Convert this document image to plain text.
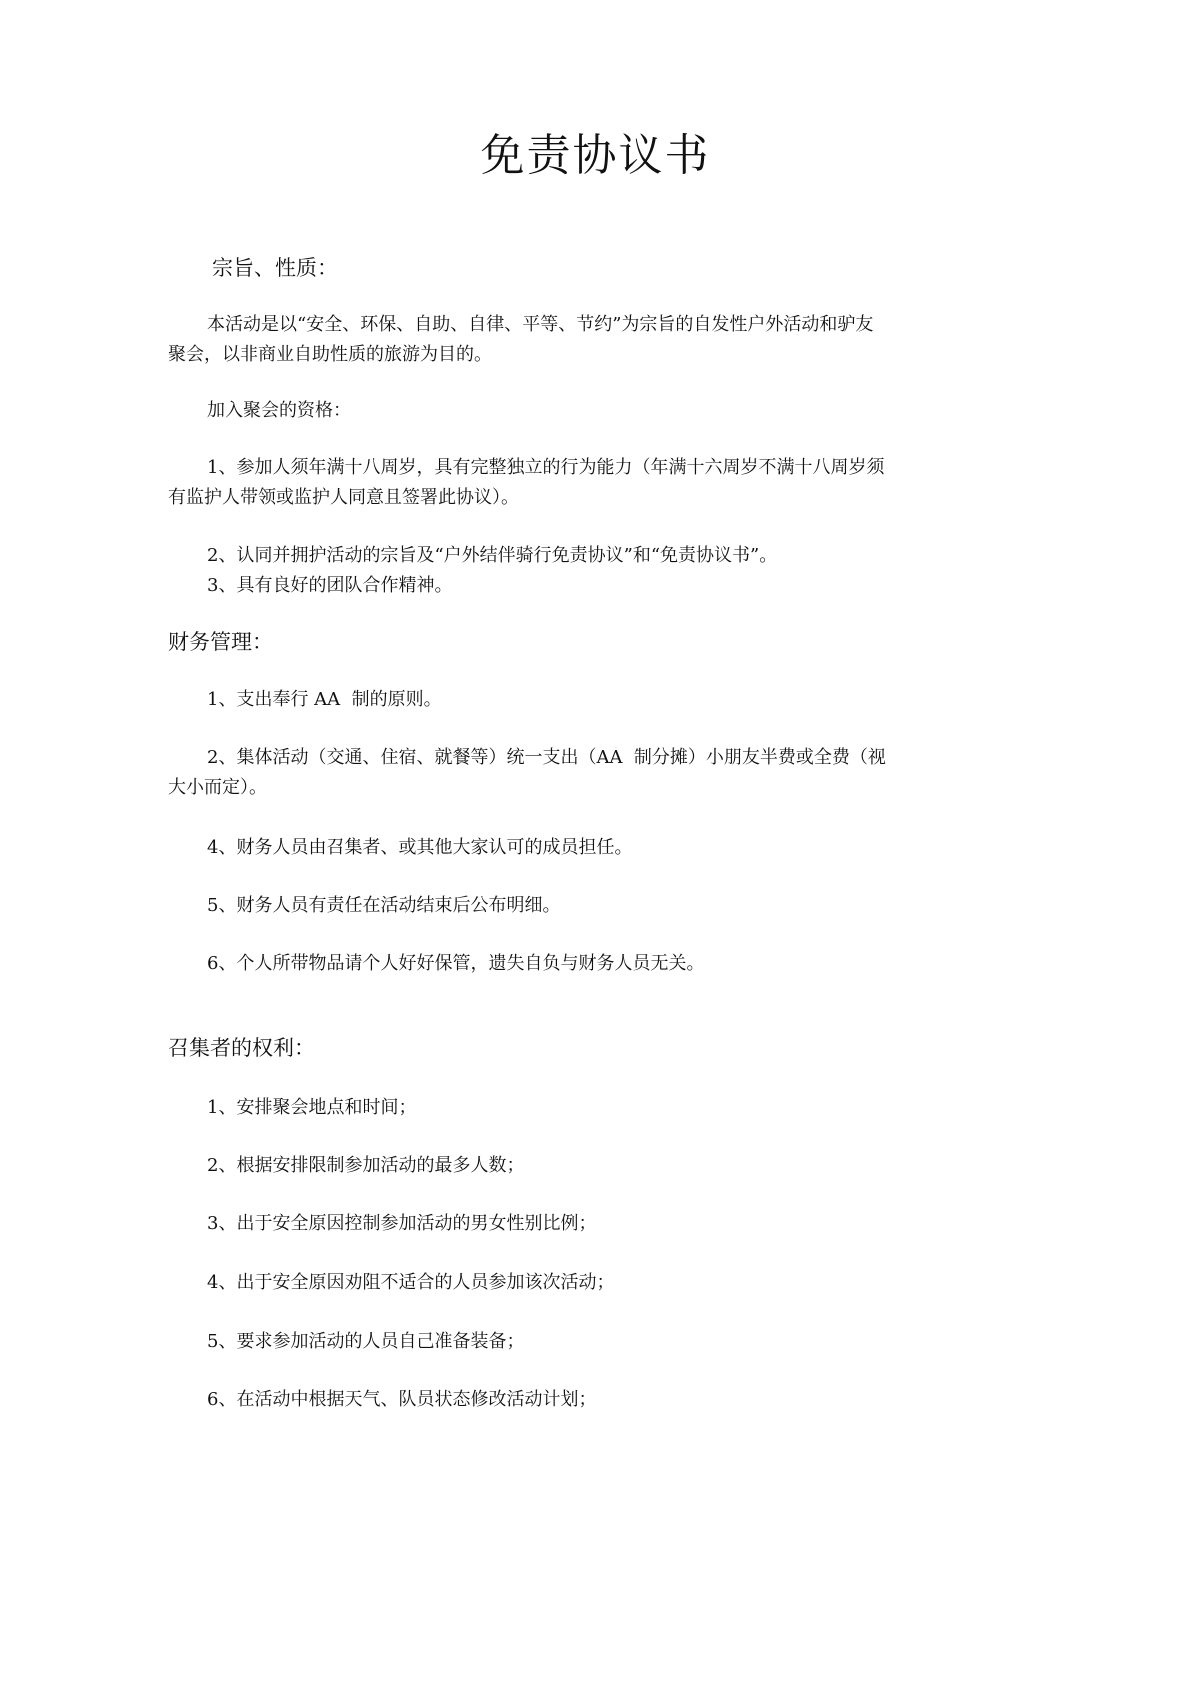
免责协议书
宗旨、性质：
本活动是以“安全、环保、自助、自律、平等、节约”为宗旨的自发性户外活动和驴友
聚会，以非商业自助性质的旅游为目的。
加入聚会的资格：
1、参加人须年满十八周岁，具有完整独立的行为能力（年满十六周岁不满十八周岁须
有监护人带领或监护人同意且签署此协议）。
2、认同并拥护活动的宗旨及“户外结伴骑行免责协议”和“免责协议书”。
3、具有良好的团队合作精神。
财务管理：
1、支出奉行 AA  制的原则。
2、集体活动（交通、住宿、就餐等）统一支出（AA  制分摊）小朋友半费或全费（视
大小而定）。
4、财务人员由召集者、或其他大家认可的成员担任。
5、财务人员有责任在活动结束后公布明细。
6、个人所带物品请个人好好保管，遗失自负与财务人员无关。
召集者的权利：
1、安排聚会地点和时间；
2、根据安排限制参加活动的最多人数；
3、出于安全原因控制参加活动的男女性别比例；
4、出于安全原因劝阻不适合的人员参加该次活动；
5、要求参加活动的人员自己准备装备；
6、在活动中根据天气、队员状态修改活动计划；
